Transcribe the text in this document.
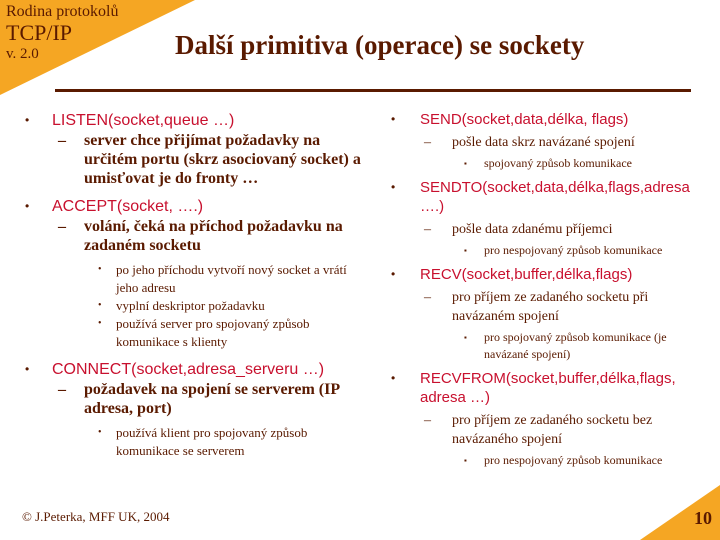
Rodina protokolů
TCP/IP
v. 2.0	Další primitiva (operace) se sockety
• LISTEN(socket,queue …)
– server chce přijímat požadavky na určitém portu (skrz asociovaný socket) a umisťovat je do fronty …
• ACCEPT(socket, ….)
– volání, čeká na příchod požadavku na zadaném socketu
• po jeho příchodu vytvoří nový socket a vrátí jeho adresu
• vyplní deskriptor požadavku
• používá server pro spojovaný způsob komunikace s klienty
• CONNECT(socket,adresa_serveru …)
– požadavek na spojení se serverem (IP adresa, port)
• používá klient pro spojovaný způsob komunikace se serverem
• SEND(socket,data,délka, flags)
– pošle data skrz navázané spojení
▪ spojovaný způsob komunikace
• SENDTO(socket,data,délka,flags,adresa ….)
– pošle data zdanému příjemci
▪ pro nespojovaný způsob komunikace
• RECV(socket,buffer,délka,flags)
– pro příjem ze zadaného socketu při navázaném spojení
▪ pro spojovaný způsob komunikace (je navázané spojení)
• RECVFROM(socket,buffer,délka,flags, adresa …)
– pro příjem ze zadaného socketu bez navázaného spojení
▪ pro nespojovaný způsob komunikace
© J.Peterka, MFF UK, 2004	10
